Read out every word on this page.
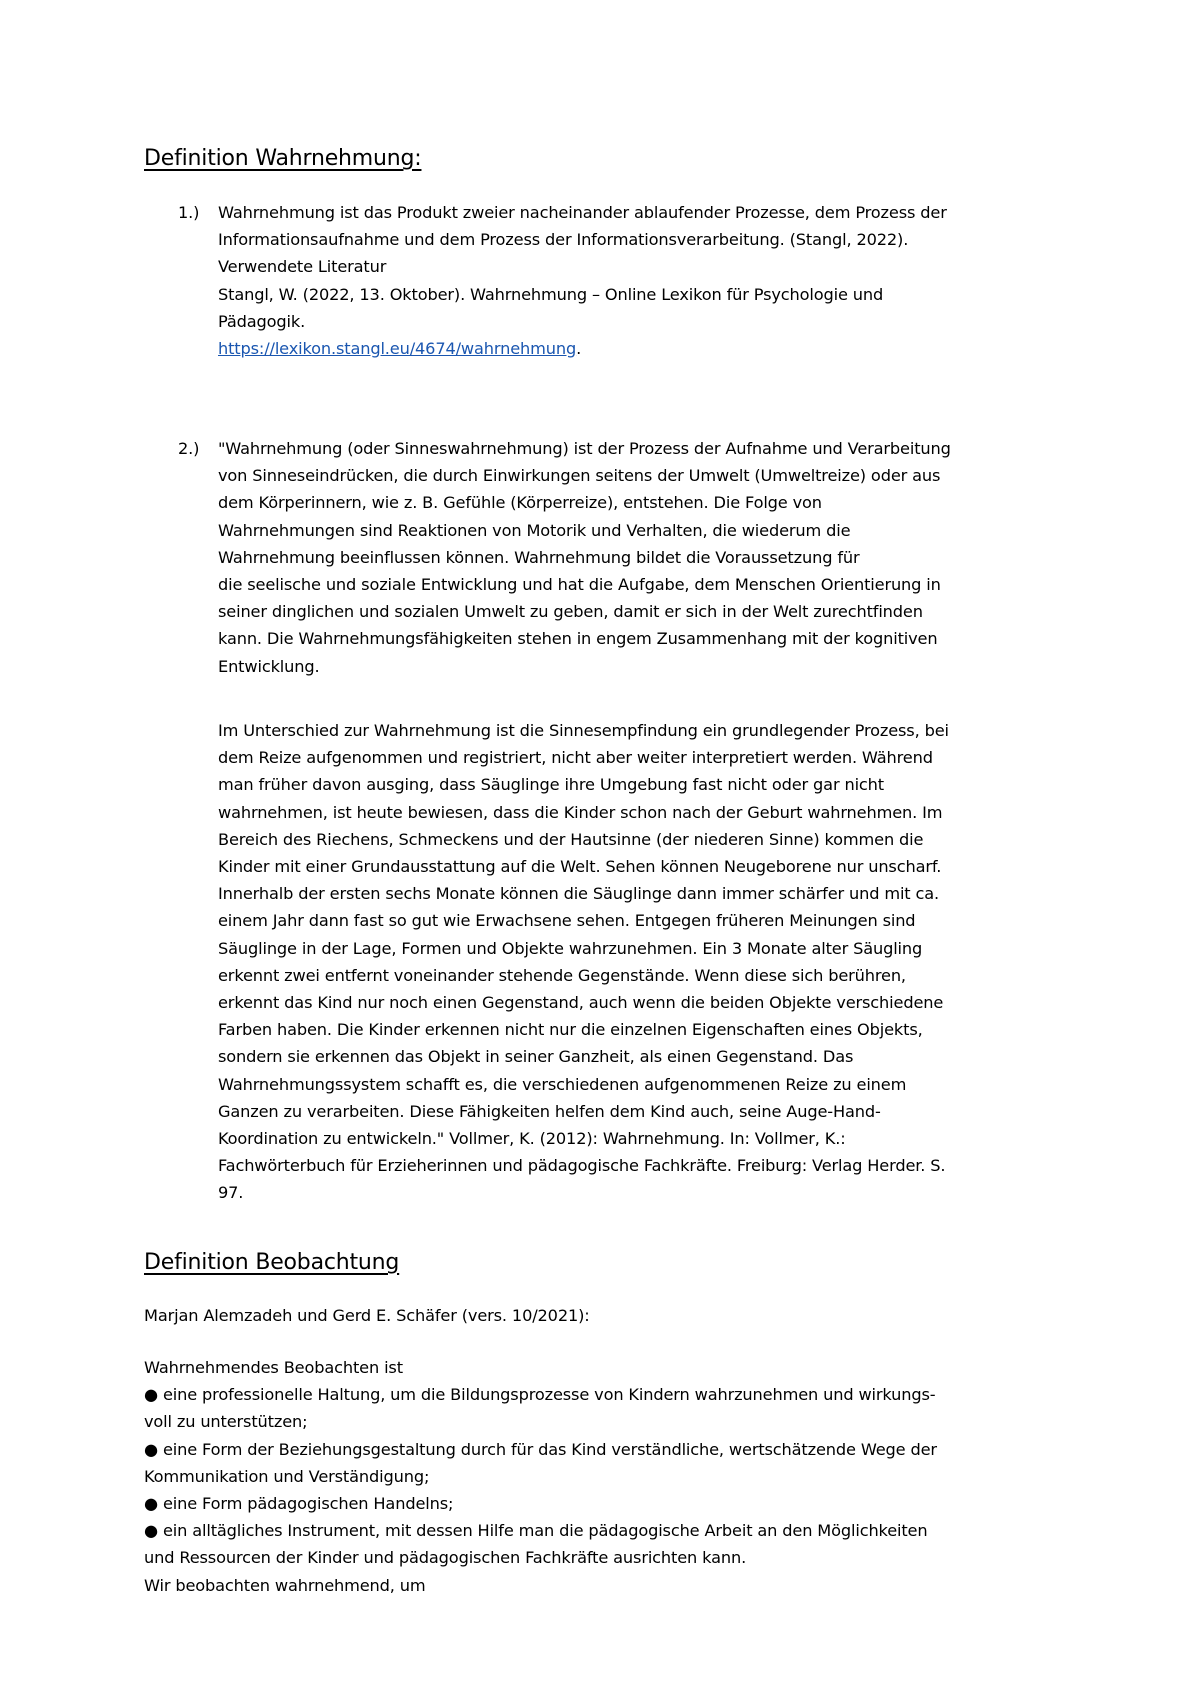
Definition Wahrnehmung:
1.)	Wahrnehmung ist das Produkt zweier nacheinander ablaufender Prozesse, dem Prozess der

Informationsaufnahme und dem Prozess der Informationsverarbeitung. (Stangl, 2022).

Verwendete Literatur

Stangl, W. (2022, 13. Oktober). Wahrnehmung – Online Lexikon für Psychologie und

Pädagogik.

https://lexikon.stangl.eu/4674/wahrnehmung.

2.)	"Wahrnehmung (oder Sinneswahrnehmung) ist der Prozess der Aufnahme und Verarbeitung

von Sinneseindrücken, die durch Einwirkungen seitens der Umwelt (Umweltreize) oder aus

dem Körperinnern, wie z. B. Gefühle (Körperreize), entstehen. Die Folge von

Wahrnehmungen sind Reaktionen von Motorik und Verhalten, die wiederum die

Wahrnehmung beeinflussen können. Wahrnehmung bildet die Voraussetzung für

die seelische und soziale Entwicklung und hat die Aufgabe, dem Menschen Orientierung in

seiner dinglichen und sozialen Umwelt zu geben, damit er sich in der Welt zurechtfinden

kann. Die Wahrnehmungsfähigkeiten stehen in engem Zusammenhang mit der kognitiven

Entwicklung.

Im Unterschied zur Wahrnehmung ist die Sinnesempfindung ein grundlegender Prozess, bei

dem Reize aufgenommen und registriert, nicht aber weiter interpretiert werden. Während

man früher davon ausging, dass Säuglinge ihre Umgebung fast nicht oder gar nicht

wahrnehmen, ist heute bewiesen, dass die Kinder schon nach der Geburt wahrnehmen. Im

Bereich des Riechens, Schmeckens und der Hautsinne (der niederen Sinne) kommen die

Kinder mit einer Grundausstattung auf die Welt. Sehen können Neugeborene nur unscharf.

Innerhalb der ersten sechs Monate können die Säuglinge dann immer schärfer und mit ca.

einem Jahr dann fast so gut wie Erwachsene sehen. Entgegen früheren Meinungen sind

Säuglinge in der Lage, Formen und Objekte wahrzunehmen. Ein 3 Monate alter Säugling

erkennt zwei entfernt voneinander stehende Gegenstände. Wenn diese sich berühren,

erkennt das Kind nur noch einen Gegenstand, auch wenn die beiden Objekte verschiedene

Farben haben. Die Kinder erkennen nicht nur die einzelnen Eigenschaften eines Objekts,

sondern sie erkennen das Objekt in seiner Ganzheit, als einen Gegenstand. Das

Wahrnehmungssystem schafft es, die verschiedenen aufgenommenen Reize zu einem

Ganzen zu verarbeiten. Diese Fähigkeiten helfen dem Kind auch, seine Auge-Hand-

Koordination zu entwickeln." Vollmer, K. (2012): Wahrnehmung. In: Vollmer, K.:

Fachwörterbuch für Erzieherinnen und pädagogische Fachkräfte. Freiburg: Verlag Herder. S.

97.

Definition Beobachtung

Marjan Alemzadeh und Gerd E. Schäfer (vers. 10/2021):

Wahrnehmendes Beobachten ist

● eine professionelle Haltung, um die Bildungsprozesse von Kindern wahrzunehmen und wirkungs-

voll zu unterstützen;

● eine Form der Beziehungsgestaltung durch für das Kind verständliche, wertschätzende Wege der

Kommunikation und Verständigung;

● eine Form pädagogischen Handelns;

● ein alltägliches Instrument, mit dessen Hilfe man die pädagogische Arbeit an den Möglichkeiten

und Ressourcen der Kinder und pädagogischen Fachkräfte ausrichten kann.

Wir beobachten wahrnehmend, um
